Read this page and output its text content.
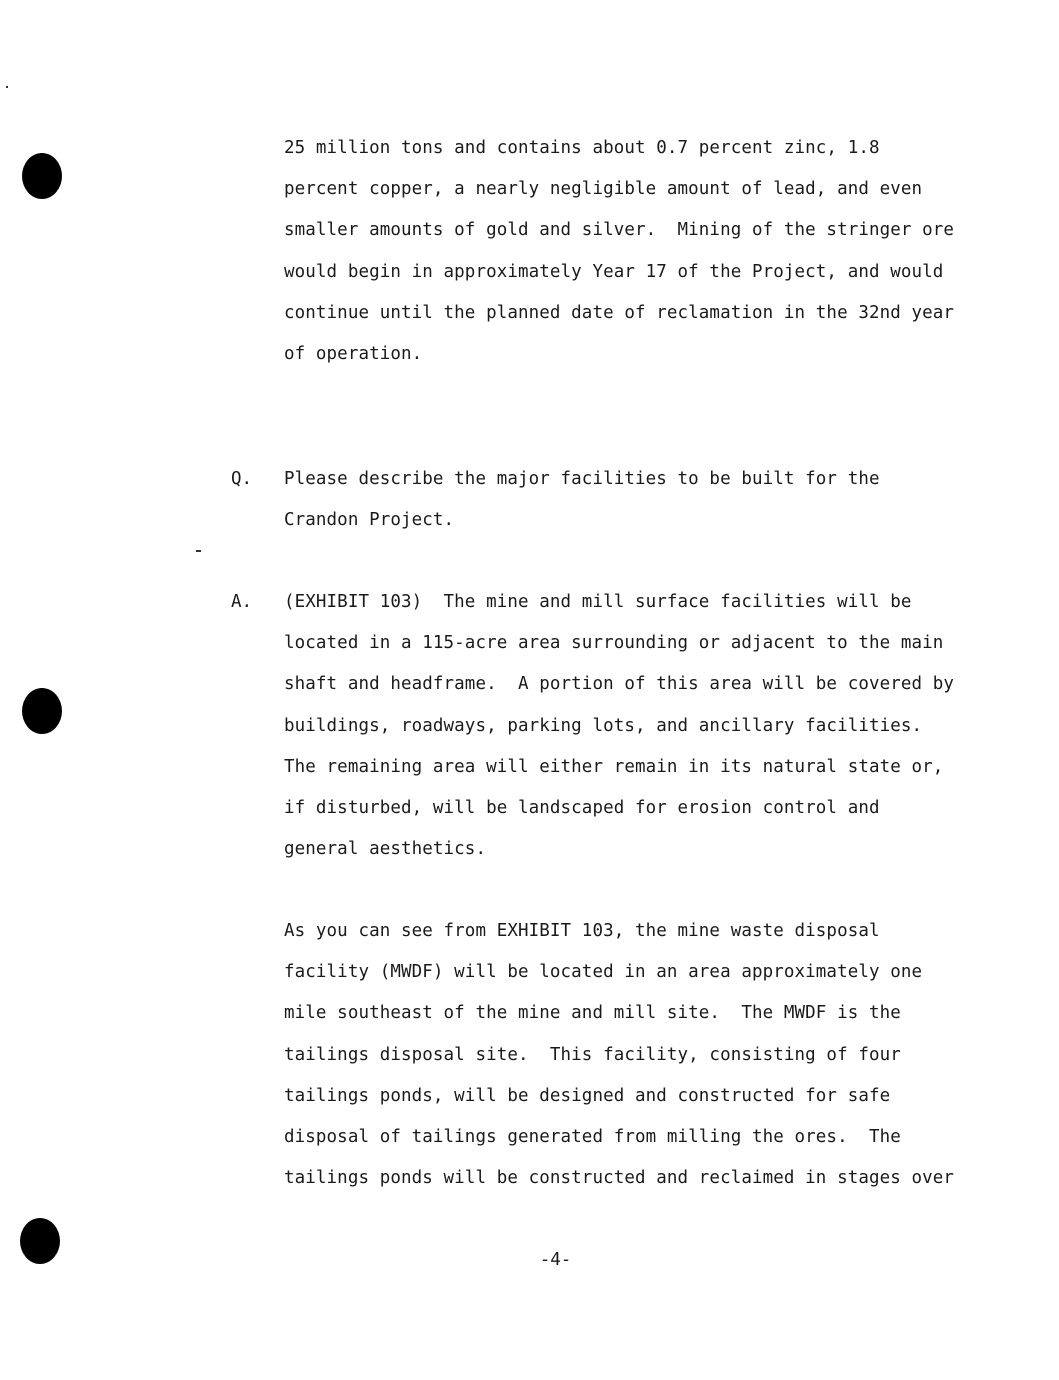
25 million tons and contains about 0.7 percent zinc, 1.8
percent copper, a nearly negligible amount of lead, and even
smaller amounts of gold and silver.  Mining of the stringer ore
would begin in approximately Year 17 of the Project, and would
continue until the planned date of reclamation in the 32nd year
of operation.
Q. Please describe the major facilities to be built for the
Crandon Project.
A. (EXHIBIT 103)  The mine and mill surface facilities will be
located in a 115-acre area surrounding or adjacent to the main
shaft and headframe.  A portion of this area will be covered by
buildings, roadways, parking lots, and ancillary facilities.
The remaining area will either remain in its natural state or,
if disturbed, will be landscaped for erosion control and
general aesthetics.
As you can see from EXHIBIT 103, the mine waste disposal
facility (MWDF) will be located in an area approximately one
mile southeast of the mine and mill site.  The MWDF is the
tailings disposal site.  This facility, consisting of four
tailings ponds, will be designed and constructed for safe
disposal of tailings generated from milling the ores.  The
tailings ponds will be constructed and reclaimed in stages over
-4-
